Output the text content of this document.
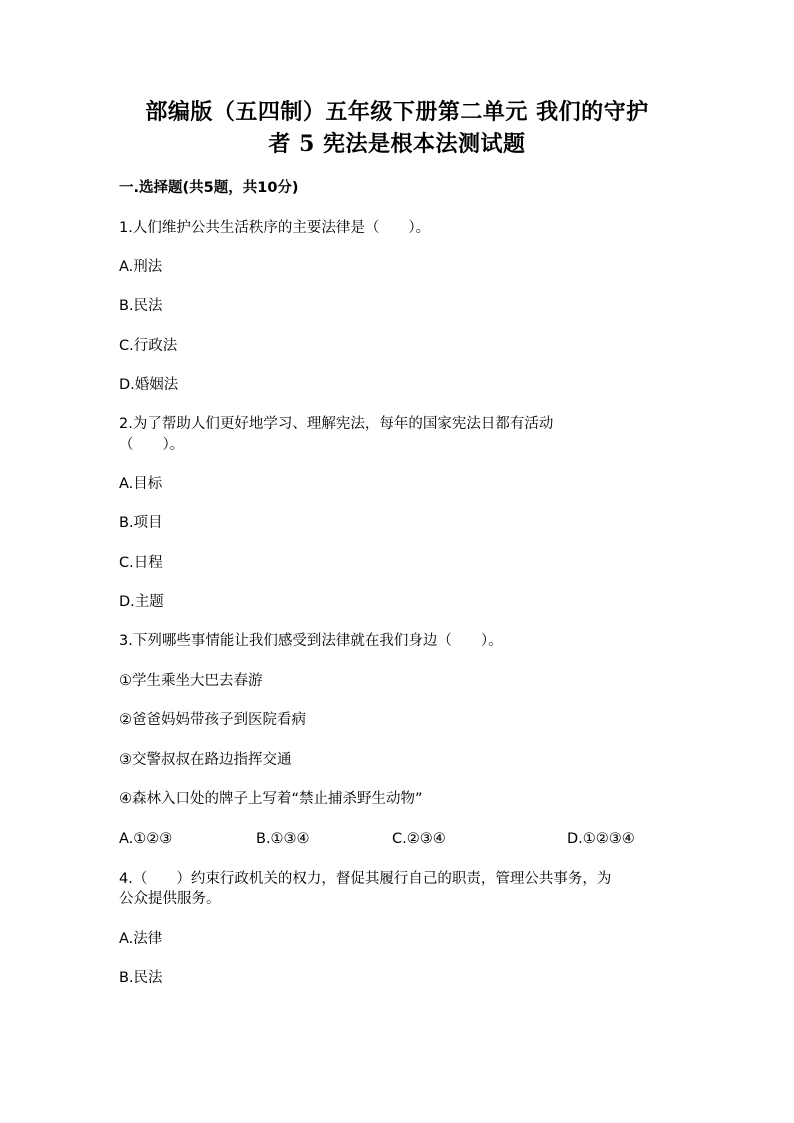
部编版（五四制）五年级下册第二单元 我们的守护
者 5 宪法是根本法测试题
一.选择题(共5题，共10分)
1.人们维护公共生活秩序的主要法律是（　　）。
A.刑法
B.民法
C.行政法
D.婚姻法
2.为了帮助人们更好地学习、理解宪法，每年的国家宪法日都有活动
（　　）。
A.目标
B.项目
C.日程
D.主题
3.下列哪些事情能让我们感受到法律就在我们身边（　　）。
①学生乘坐大巴去春游
②爸爸妈妈带孩子到医院看病
③交警叔叔在路边指挥交通
④森林入口处的牌子上写着“禁止捕杀野生动物”
A.①②③	B.①③④	C.②③④	D.①②③④
4.（　　）约束行政机关的权力，督促其履行自己的职责，管理公共事务，为
公众提供服务。
A.法律
B.民法
